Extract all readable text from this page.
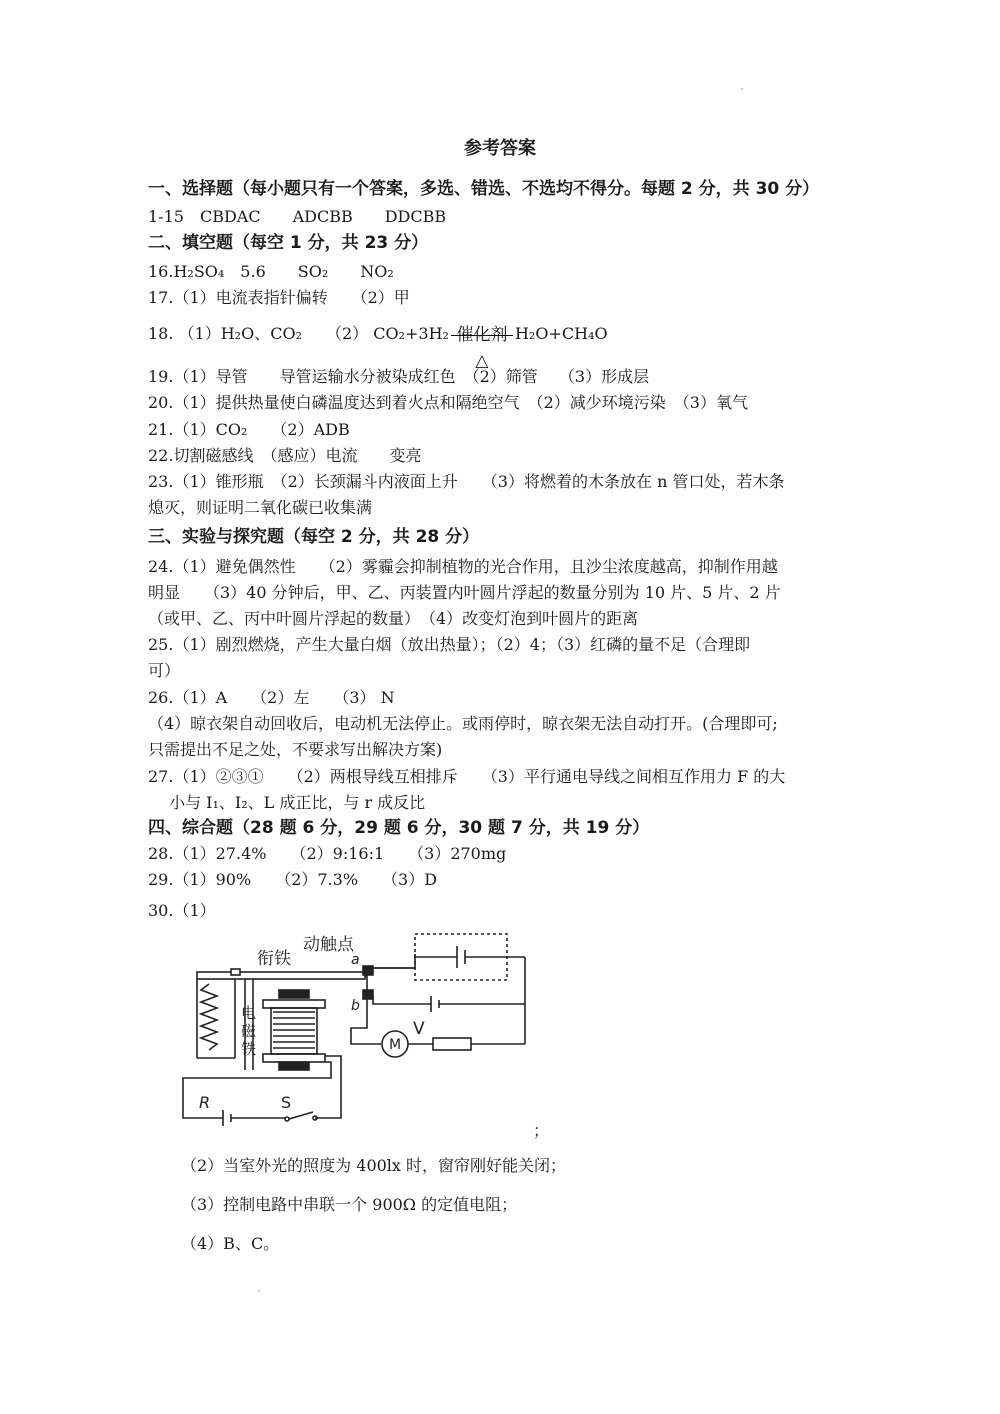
参考答案
一、选择题（每小题只有一个答案，多选、错选、不选均不得分。每题 2 分，共 30 分）
1-15　CBDAC　　ADCBB　　DDCBB
二、填空题（每空 1 分，共 23 分）
16.H₂SO₄　5.6　　SO₂　　NO₂
17.（1）电流表指针偏转　　（2）甲
18. （1）H₂O、CO₂　　（2） CO₂+3H₂ 催化剂
△
H₂O+CH₄O
19.（1）导管　　导管运输水分被染成红色　（2）筛管　 （3）形成层
20.（1）提供热量使白磷温度达到着火点和隔绝空气　（2）减少环境污染　（3）氧气
21.（1）CO₂　　（2）ADB
22.切割磁感线　（感应）电流　　变亮
23.（1）锥形瓶　（2）长颈漏斗内液面上升　　（3）将燃着的木条放在 n 管口处，若木条
熄灭，则证明二氧化碳已收集满
三、实验与探究题（每空 2 分，共 28 分）
24.（1）避免偶然性　　（2）雾霾会抑制植物的光合作用，且沙尘浓度越高，抑制作用越
明显　　（3）40 分钟后，甲、乙、丙装置内叶圆片浮起的数量分别为 10 片、5 片、2 片
（或甲、乙、丙中叶圆片浮起的数量）　（4）改变灯泡到叶圆片的距离
25.（1）剧烈燃烧，产生大量白烟（放出热量）；（2）4；（3）红磷的量不足（合理即
可）
26.（1）A　　（2）左　　（3） N
（4）晾衣架自动回收后，电动机无法停止。或雨停时，晾衣架无法自动打开。(合理即可;
只需提出不足之处，不要求写出解决方案)
27.（1）②③①　　（2）两根导线互相排斥　　（3）平行通电导线之间相互作用力 F 的大
　 小与 I₁、I₂、L 成正比，与 r 成反比
四、综合题（28 题 6 分，29 题 6 分，30 题 7 分，共 19 分）
28.（1）27.4%　　（2）9:16:1　　（3）270mg
29.（1）90%　　（2）7.3%　　（3）D
30.（1）
衔铁
动触点
a
b
电
磁
铁	M
V
R	S
；
（2）当室外光的照度为 400lx 时，窗帘刚好能关闭；
（3）控制电路中串联一个 900Ω 的定值电阻；
（4）B、C。
